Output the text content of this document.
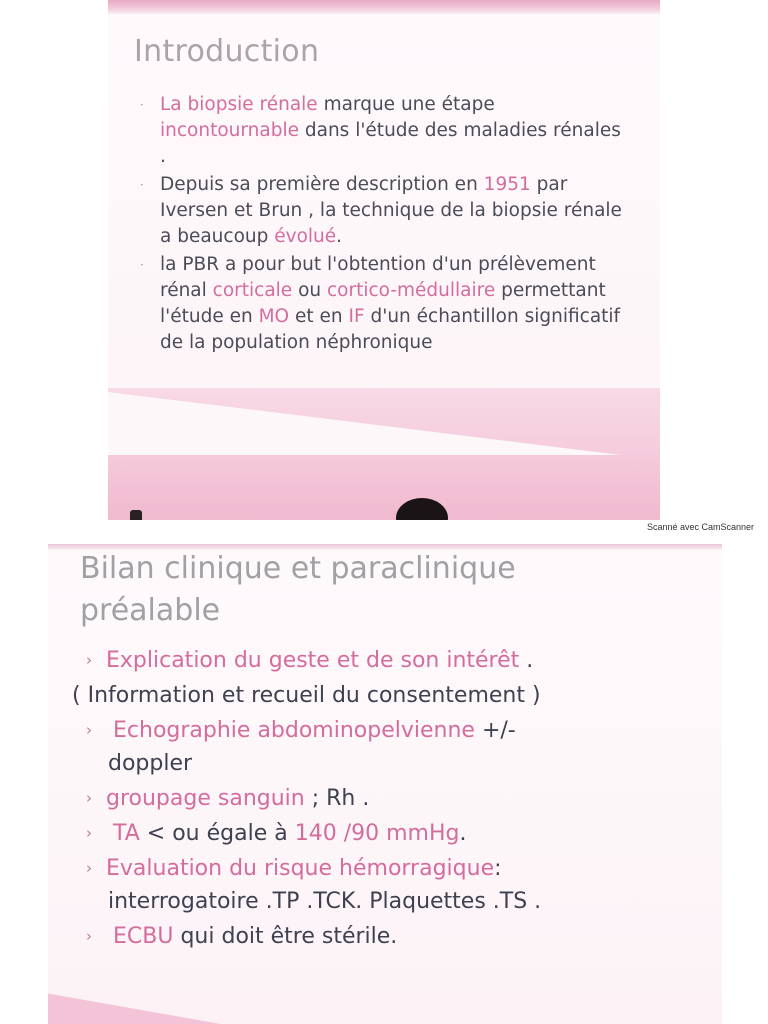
Introduction
· La biopsie rénale marque une étape incontournable dans l'étude des maladies rénales .
· Depuis sa première description en 1951 par Iversen et Brun , la technique de la biopsie rénale a beaucoup évolué.
· la PBR a pour but l'obtention d'un prélèvement rénal corticale ou cortico-médullaire permettant l'étude en MO et en IF d'un échantillon significatif de la population néphronique
Scanné avec CamScanner
Bilan clinique et paraclinique
préalable
› Explication du geste et de son intérêt .
( Information et recueil du consentement )
› Echographie abdominopelvienne +/-
doppler
› groupage sanguin ; Rh .
› TA < ou égale à 140 /90 mmHg.
› Evaluation du risque hémorragique:
interrogatoire .TP .TCK. Plaquettes .TS .
› ECBU qui doit être stérile.
